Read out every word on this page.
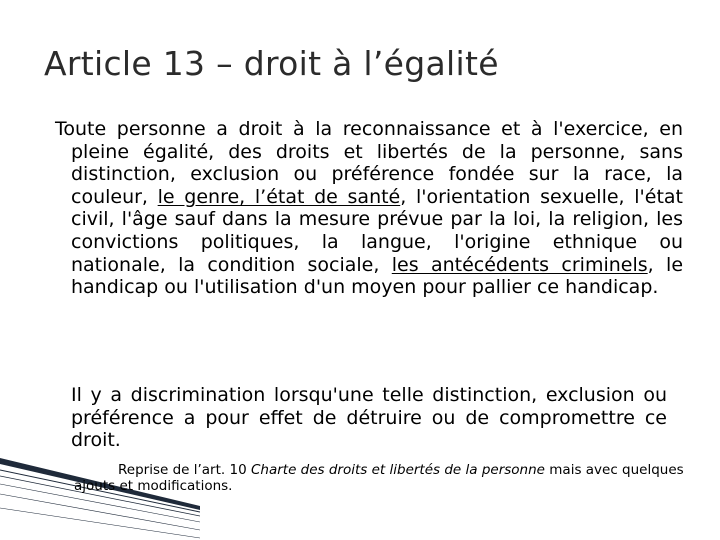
Article 13 – droit à l’égalité
Toute personne a droit à la reconnaissance et à l'exercice, en pleine égalité, des droits et libertés de la personne, sans distinction, exclusion ou préférence fondée sur la race, la couleur, le genre, l’état de santé, l'orientation sexuelle, l'état civil, l'âge sauf dans la mesure prévue par la loi, la religion, les convictions politiques, la langue, l'origine ethnique ou nationale, la condition sociale, les antécédents criminels, le handicap ou l'utilisation d'un moyen pour pallier ce handicap.
Il y a discrimination lorsqu'une telle distinction, exclusion ou préférence a pour effet de détruire ou de compromettre ce droit.
Reprise de l’art. 10 Charte des droits et libertés de la personne mais avec quelques ajouts et modifications.
